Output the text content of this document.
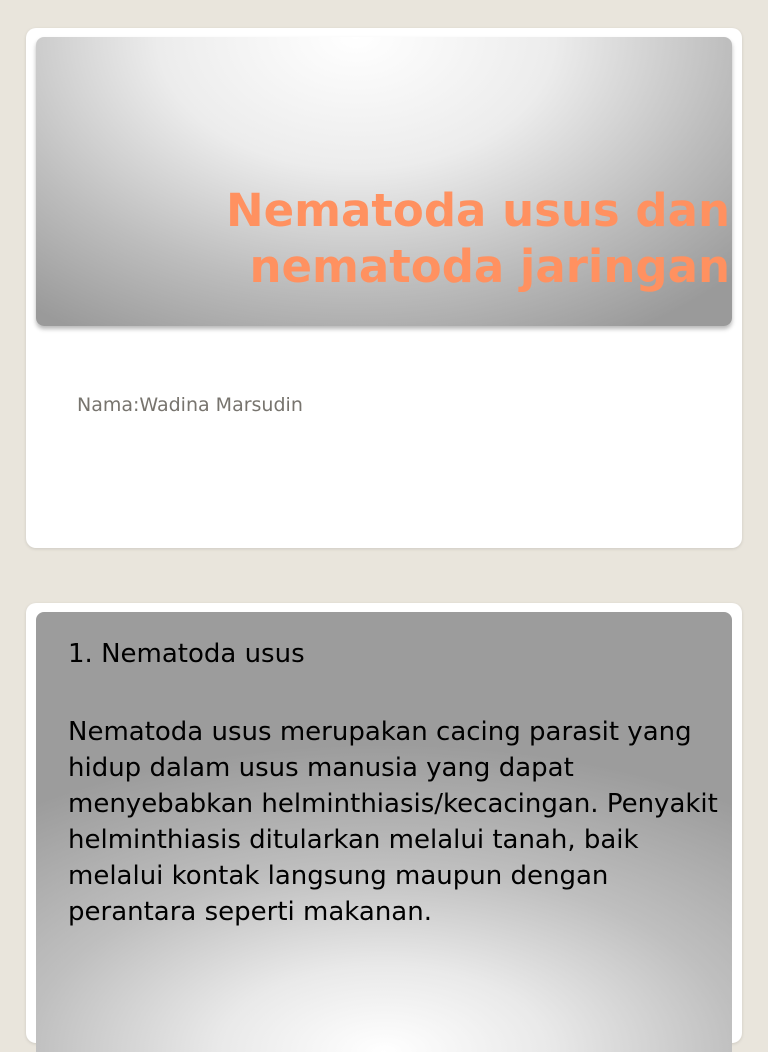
Nematoda usus dan nematoda jaringan

Nama:Wadina Marsudin

1. Nematoda usus

Nematoda usus merupakan cacing parasit yang hidup dalam usus manusia yang dapat menyebabkan helminthiasis/kecacingan. Penyakit helminthiasis ditularkan melalui tanah, baik melalui kontak langsung maupun dengan perantara seperti makanan.
